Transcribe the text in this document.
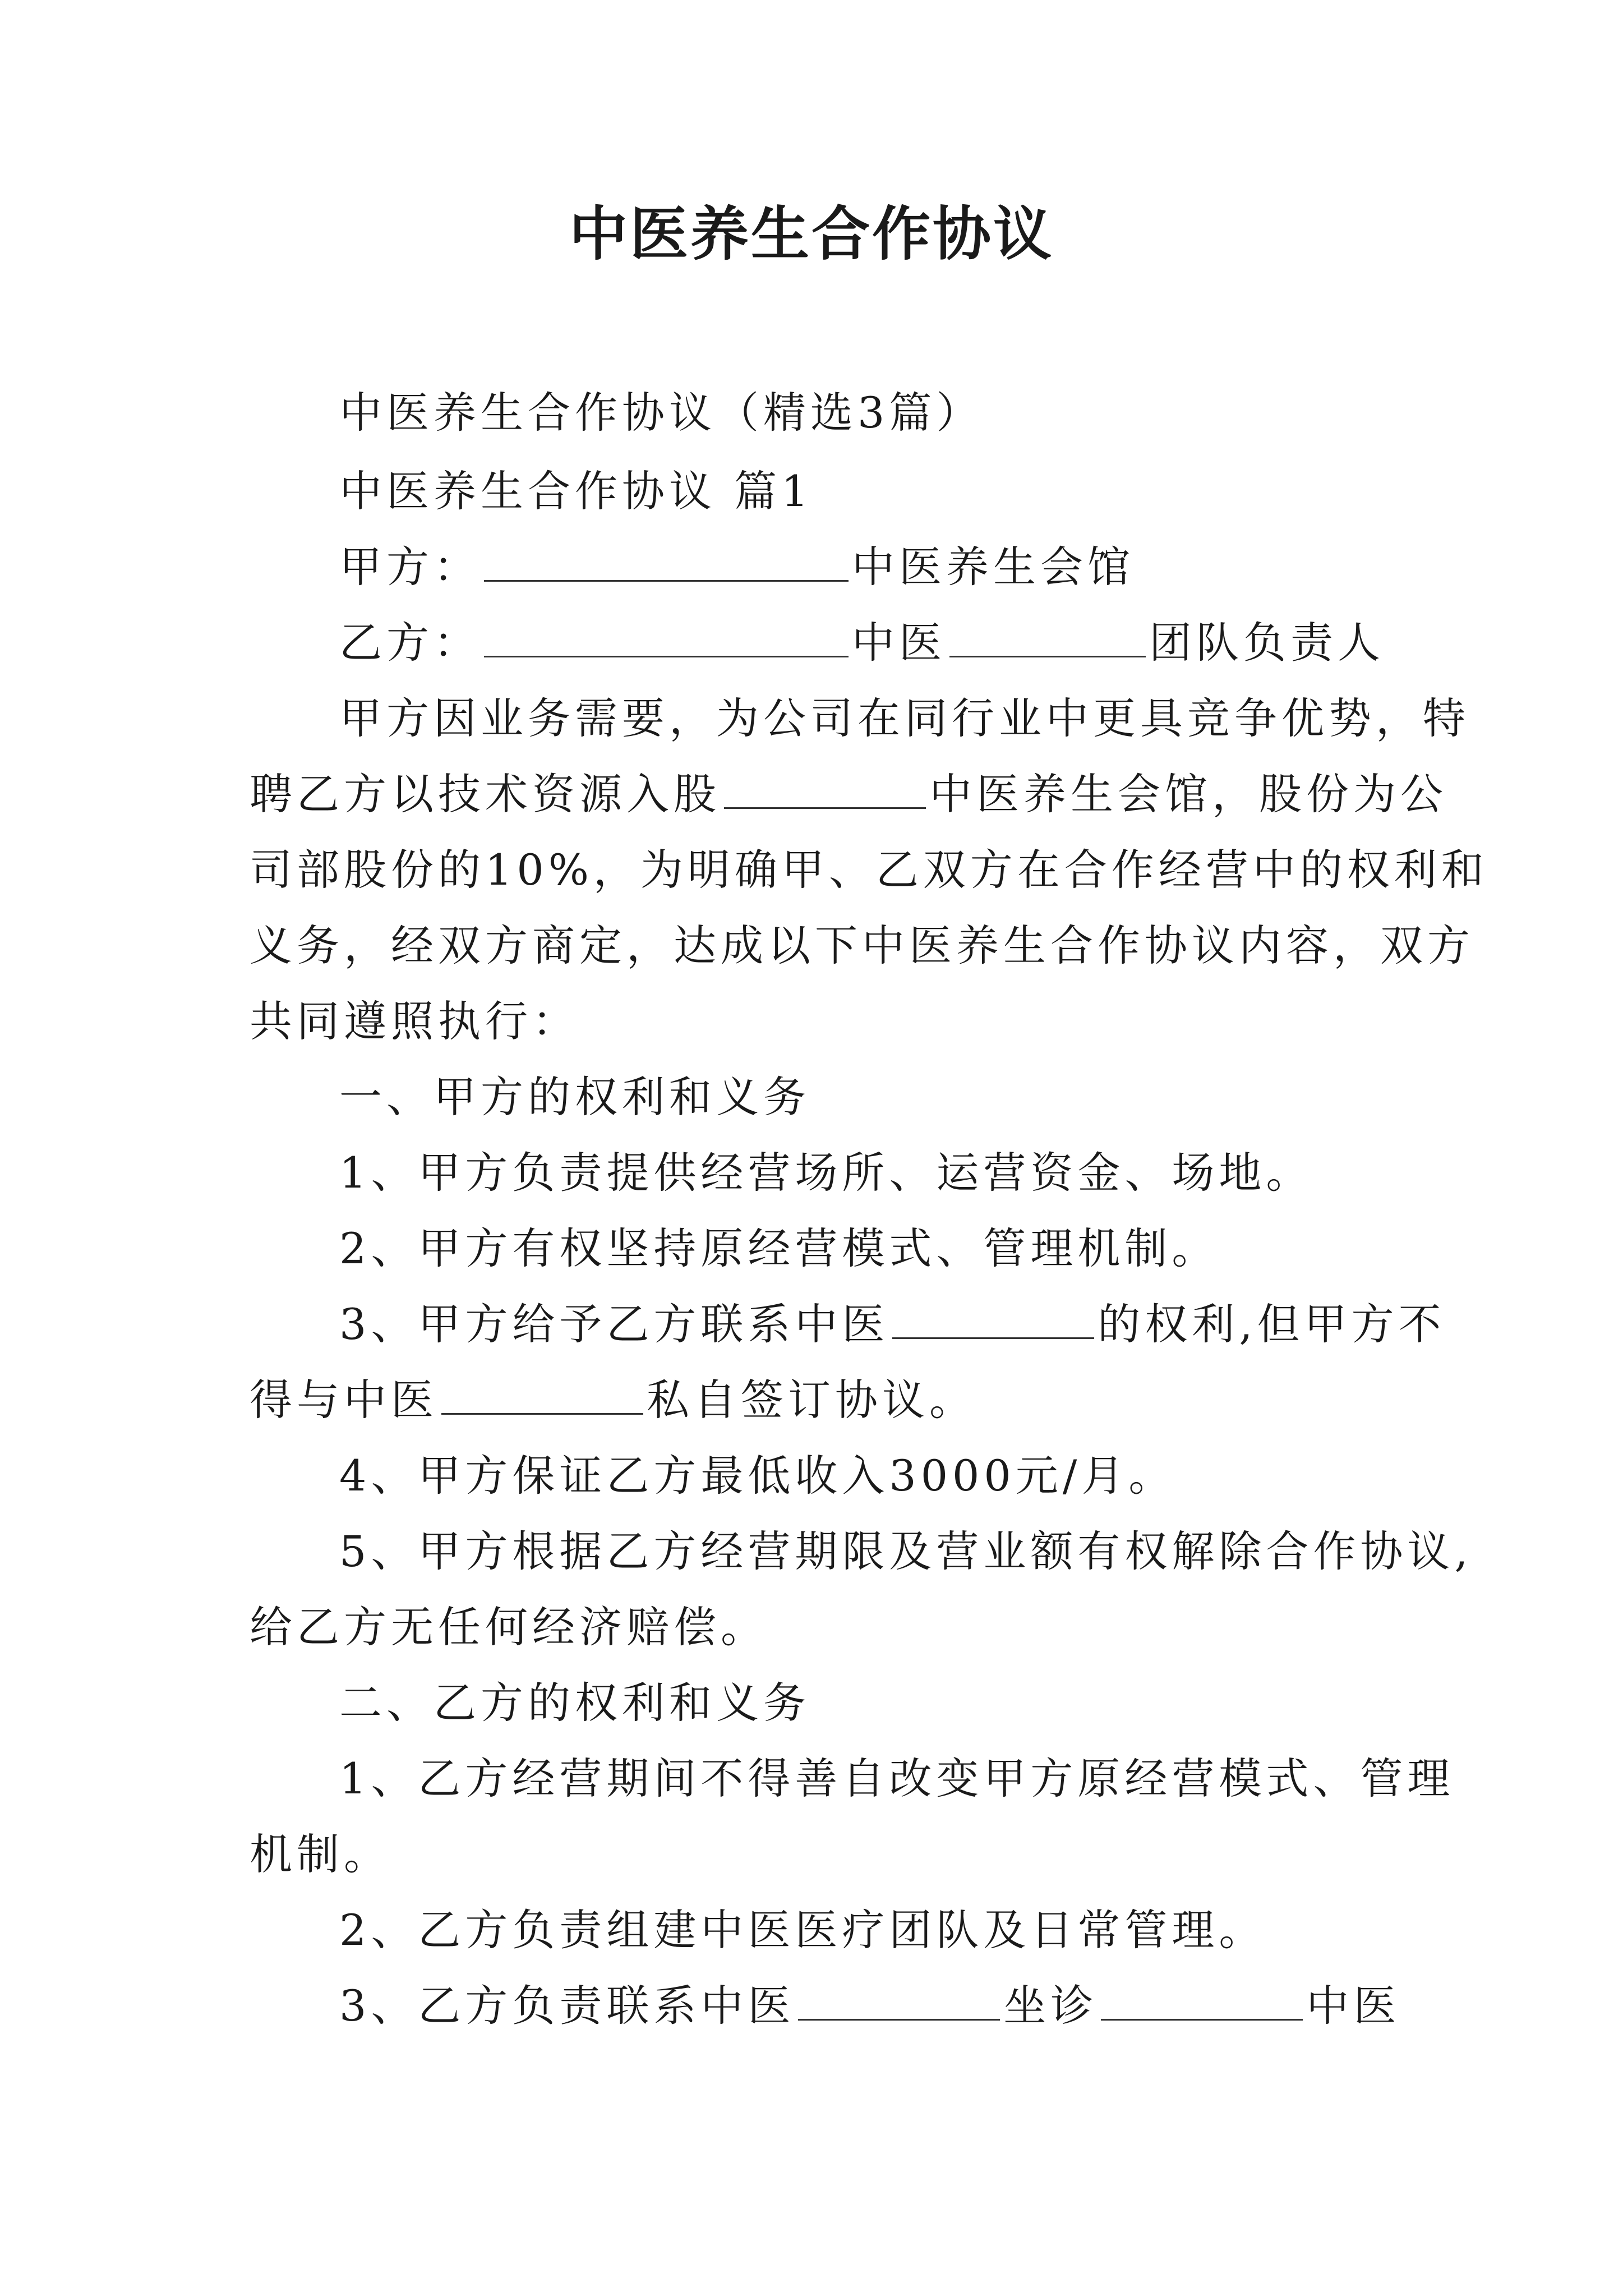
中医养生合作协议
中医养生合作协议（精选3篇）
中医养生合作协议 篇1
甲方：	中医养生会馆
乙方：	中医	团队负责人
甲方因业务需要，为公司在同行业中更具竞争优势，特
聘乙方以技术资源入股	中医养生会馆，股份为公
司部股份的10%，为明确甲、乙双方在合作经营中的权利和
义务，经双方商定，达成以下中医养生合作协议内容，双方
共同遵照执行：
一、甲方的权利和义务
1、甲方负责提供经营场所、运营资金、场地。
2、甲方有权坚持原经营模式、管理机制。
3、甲方给予乙方联系中医	的权利,但甲方不
得与中医	私自签订协议。
4、甲方保证乙方最低收入3000元/月。
5、甲方根据乙方经营期限及营业额有权解除合作协议,
给乙方无任何经济赔偿。
二、乙方的权利和义务
1、乙方经营期间不得善自改变甲方原经营模式、管理
机制。
2、乙方负责组建中医医疗团队及日常管理。
3、乙方负责联系中医	坐诊	中医
